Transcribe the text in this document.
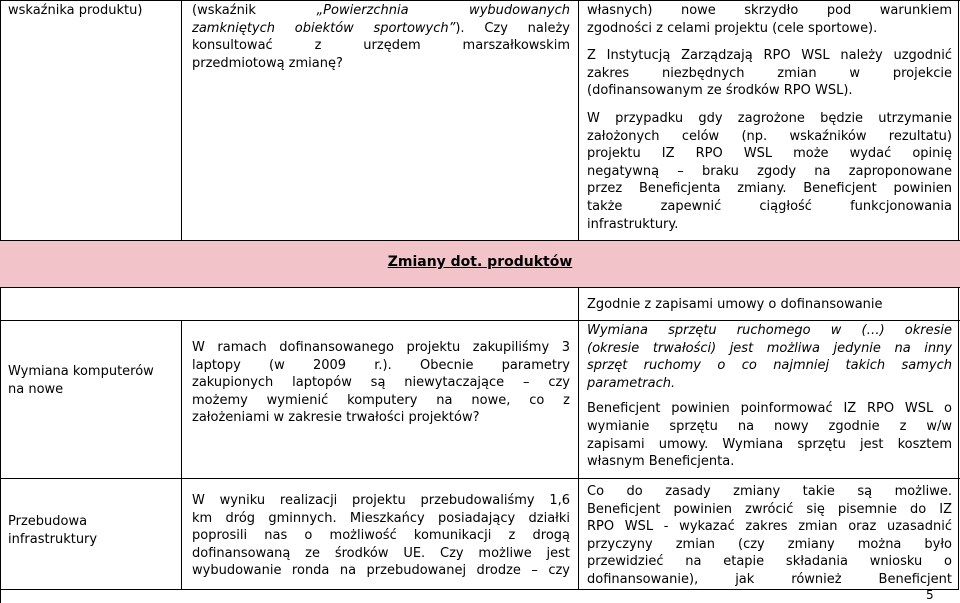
wskaźnika produktu)	(wskaźnik „Powierzchnia wybudowanych
zamkniętych obiektów sportowych”). Czy należy
konsultować z urzędem marszałkowskim
przedmiotową zmianę?
własnych) nowe skrzydło pod warunkiem
zgodności z celami projektu (cele sportowe).
Z Instytucją Zarządzają RPO WSL należy uzgodnić
zakres niezbędnych zmian w projekcie
(dofinansowanym ze środków RPO WSL).
W przypadku gdy zagrożone będzie utrzymanie
założonych celów (np. wskaźników rezultatu)
projektu IZ RPO WSL może wydać opinię
negatywną – braku zgody na zaproponowane
przez Beneficjenta zmiany. Beneficjent powinien
także zapewnić ciągłość funkcjonowania
infrastruktury.
Zmiany dot. produktów
Zgodnie z zapisami umowy o dofinansowanie
Wymiana komputerów
na nowe
W ramach dofinansowanego projektu zakupiliśmy 3
laptopy (w 2009 r.). Obecnie parametry
zakupionych laptopów są niewytaczające – czy
możemy wymienić komputery na nowe, co z
założeniami w zakresie trwałości projektów?
Wymiana sprzętu ruchomego w (…) okresie
(okresie trwałości) jest możliwa jedynie na inny
sprzęt ruchomy o co najmniej takich samych
parametrach.
Beneficjent powinien poinformować IZ RPO WSL o
wymianie sprzętu na nowy zgodnie z w/w
zapisami umowy. Wymiana sprzętu jest kosztem
własnym Beneficjenta.
Przebudowa
infrastruktury
W wyniku realizacji projektu przebudowaliśmy 1,6
km dróg gminnych. Mieszkańcy posiadający działki
poprosili nas o możliwość komunikacji z drogą
dofinansowaną ze środków UE. Czy możliwe jest
wybudowanie ronda na przebudowanej drodze – czy
Co do zasady zmiany takie są możliwe.
Beneficjent powinien zwrócić się pisemnie do IZ
RPO WSL - wykazać zakres zmian oraz uzasadnić
przyczyny zmian (czy zmiany można było
przewidzieć na etapie składania wniosku o
dofinansowanie), jak również Beneficjent
5
